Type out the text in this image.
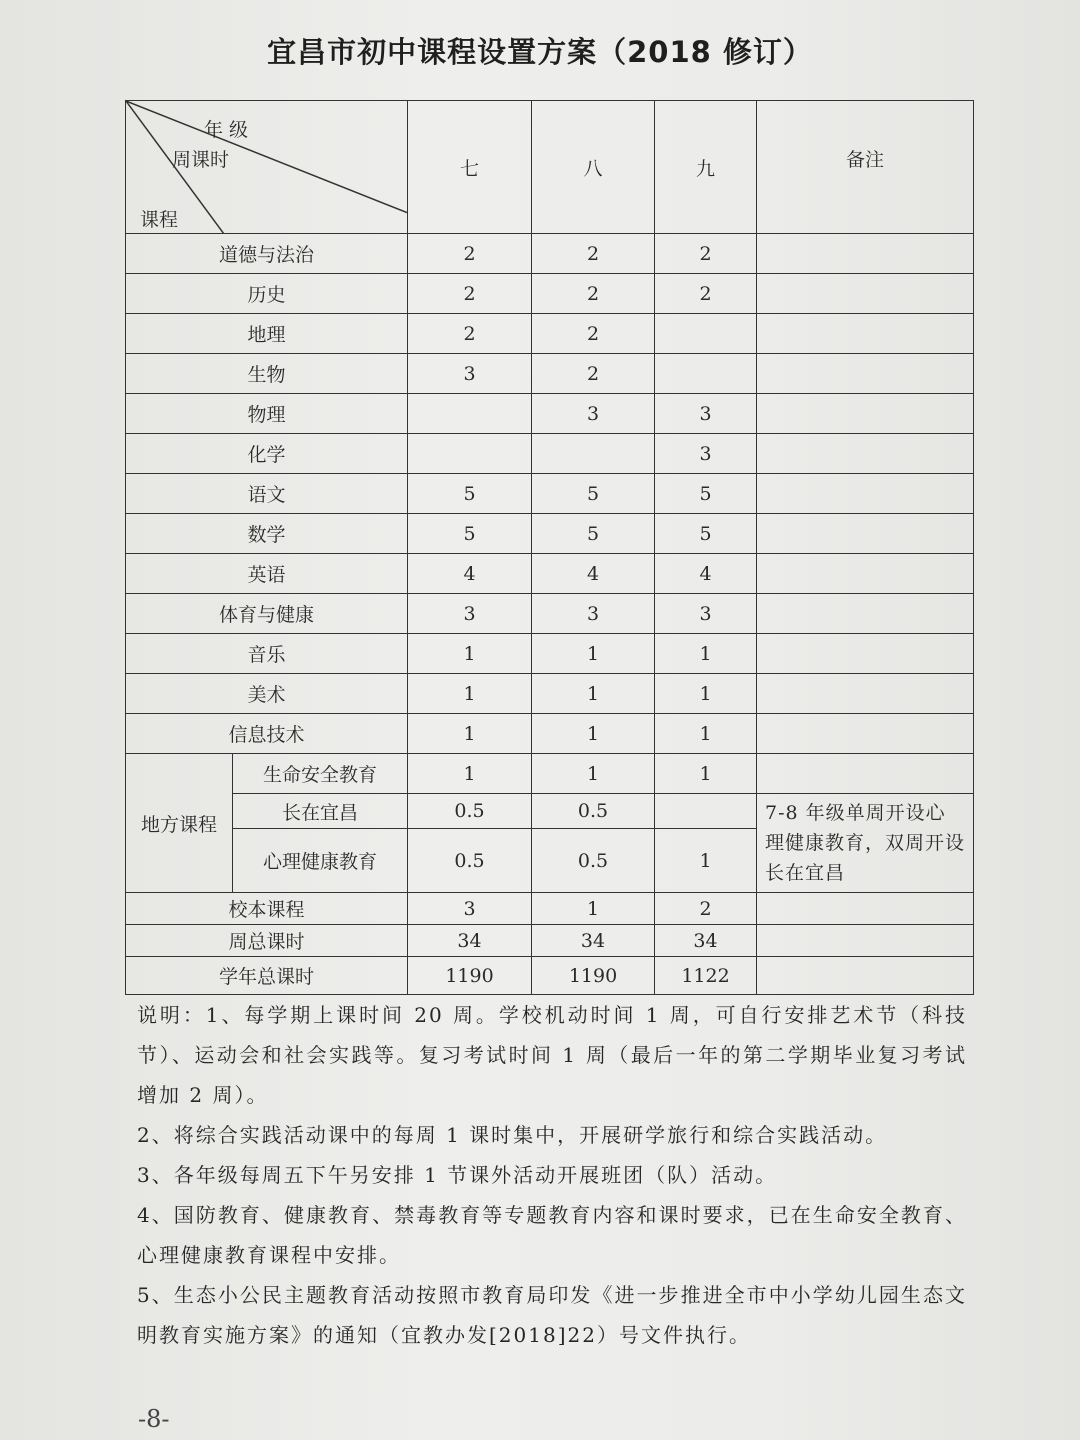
宜昌市初中课程设置方案（2018 修订）
年 级
周课时
课程		七	八	九	备注
道德与法治		2	2	2	
历史		2	2	2	
地理		2	2		
生物		3	2		
物理			3	3	
化学				3	
语文		5	5	5	
数学		5	5	5	
英语		4	4	4	
体育与健康		3	3	3	
音乐		1	1	1	
美术		1	1	1	
信息技术		1	1	1	
地方课程	生命安全教育	1	1	1	
	长在宜昌	0.5	0.5		7-8 年级单周开设心理健康教育，双周开设长在宜昌
	心理健康教育	0.5	0.5	1	
校本课程		3	1	2	
周总课时		34	34	34	
学年总课时		1190	1190	1122	

说明：1、每学期上课时间 20 周。学校机动时间 1 周，可自行安排艺术节（科技节）、运动会和社会实践等。复习考试时间 1 周（最后一年的第二学期毕业复习考试增加 2 周）。

2、将综合实践活动课中的每周 1 课时集中，开展研学旅行和综合实践活动。

3、各年级每周五下午另安排 1 节课外活动开展班团（队）活动。

4、国防教育、健康教育、禁毒教育等专题教育内容和课时要求，已在生命安全教育、心理健康教育课程中安排。

5、生态小公民主题教育活动按照市教育局印发《进一步推进全市中小学幼儿园生态文明教育实施方案》的通知（宜教办发[2018]22）号文件执行。

-8-
